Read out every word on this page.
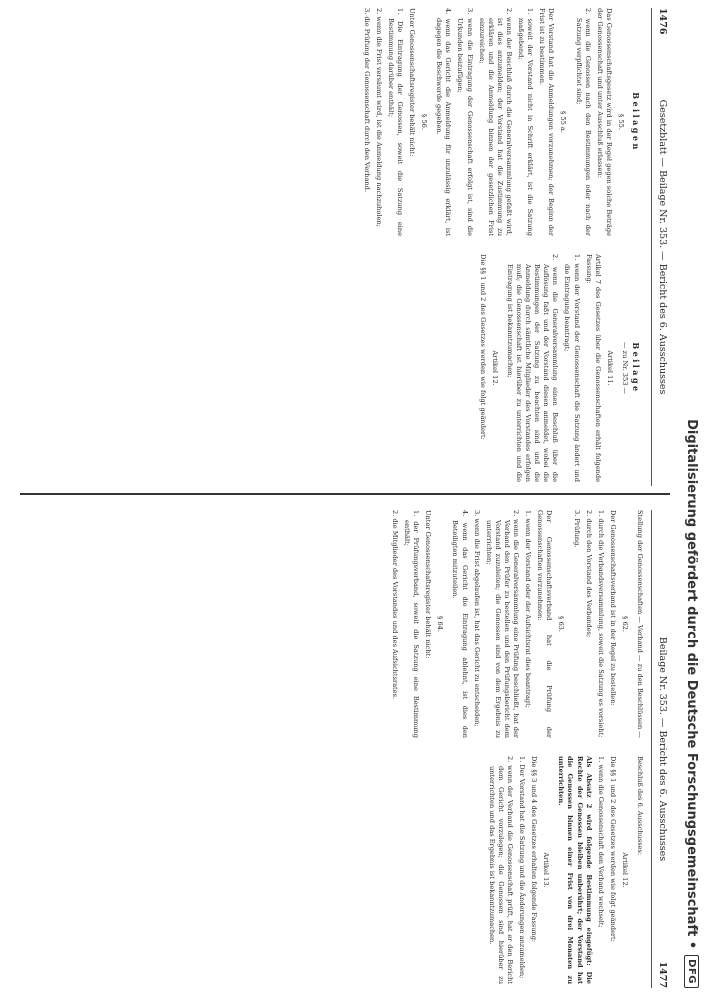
1476
Gesetzblatt — Beilage Nr. 353. — Bericht des 6. Ausschusses

Beilagen

§ 55.

Das Genossenschaftsgesetz wird in der Regel gegen solche Beträge der Genossenschaft und unter Ausschluß erlassen:

2. wenn die Genossen nach den Bestimmungen oder nach der Satzung verpflichtet sind;

§ 55 a.

Der Vorstand hat die Anmeldungen vorzunehmen; der Beginn der Frist ist zu bestimmen.

1. soweit der Vorstand nicht in Schrift erklärt, ist die Satzung maßgebend;

2. wenn der Beschluß durch die Generalversammlung gefaßt wird, ist dies anzumelden; der Vorstand hat die Zustimmung zu erklären und die Anmeldung binnen der gesetzlichen Frist einzureichen;

3. wenn die Eintragung der Genossenschaft erfolgt ist, sind die Urkunden beizufügen;

4. wenn das Gericht die Anmeldung für unzulässig erklärt, ist dagegen die Beschwerde gegeben.

§ 56.

Unter Genossenschaftsregister behält nicht:

1. Die Eintragung der Genossen, soweit die Satzung eine Bestimmung darüber enthält;

2. wenn die Frist versäumt wird, ist die Anmeldung nachzuholen;

3. die Prüfung der Genossenschaft durch den Verband.

Beilage

— zu Nr. 353 —

Artikel 11.

Artikel 7 des Gesetzes über die Genossenschaften erhält folgende Fassung:

1. wenn der Vorstand der Genossenschaft die Satzung ändert und die Eintragung beantragt;

2. wenn die Generalversammlung einen Beschluß über die Auflösung faßt und der Vorstand diesen anmeldet, wobei die Bestimmungen der Satzung zu beachten sind und die Anmeldung durch sämtliche Mitglieder des Vorstandes erfolgen muß; die Genossenschaft ist hierüber zu unterrichten und die Eintragung ist bekanntzumachen;

Artikel 12.

Die §§ 1 und 2 des Gesetzes werden wie folgt geändert:

Beilage Nr. 353. — Bericht des 6. Ausschusses
1477

Stellung der Genossenschaften — Verband — zu den Beschlüssen —

§ 62.

Der Genossenschaftsverband ist in der Regel zu bestellen:

1. durch die Verbandsversammlung, soweit die Satzung es vorsieht;

2. durch den Vorstand des Verbandes;

3. Prüfung.

§ 63.

Der Genossenschaftsverband hat die Prüfung der Genossenschaften vorzunehmen:

1. wenn der Vorstand oder der Aufsichtsrat dies beantragt;

2. wenn die Generalversammlung eine Prüfung beschließt, hat der Verband den Prüfer zu bestellen und den Prüfungsbericht dem Vorstand zuzuleiten; die Genossen sind von dem Ergebnis zu unterrichten;

3. wenn die Frist abgelaufen ist, hat das Gericht zu entscheiden;

4. wenn das Gericht die Eintragung ablehnt, ist dies den Beteiligten mitzuteilen.

§ 64.

Unter Genossenschaftsregister behält nicht:

1. der Prüfungsverband, soweit die Satzung eine Bestimmung enthält;

2. die Mitglieder des Vorstandes und des Aufsichtsrates.

Beschluß des 6. Ausschusses:

Artikel 12.

Die §§ 1 und 2 des Gesetzes werden wie folgt geändert:

1. wenn die Genossenschaft den Verband wechselt;

Als Absatz 2 wird folgende Bestimmung eingefügt: Die Rechte der Genossen bleiben unberührt; der Vorstand hat die Genossen binnen einer Frist von drei Monaten zu unterrichten.

Artikel 13.

Die §§ 3 und 4 des Gesetzes erhalten folgende Fassung:

1. Der Vorstand hat die Satzung und die Änderungen anzumelden;

2. wenn der Verband die Genossenschaft prüft, hat er den Bericht dem Gericht vorzulegen; die Genossen sind hierüber zu unterrichten und das Ergebnis ist bekanntzumachen.	Digitalisierung gefördert durch die Deutsche Forschungsgemeinschaft •
DFG
